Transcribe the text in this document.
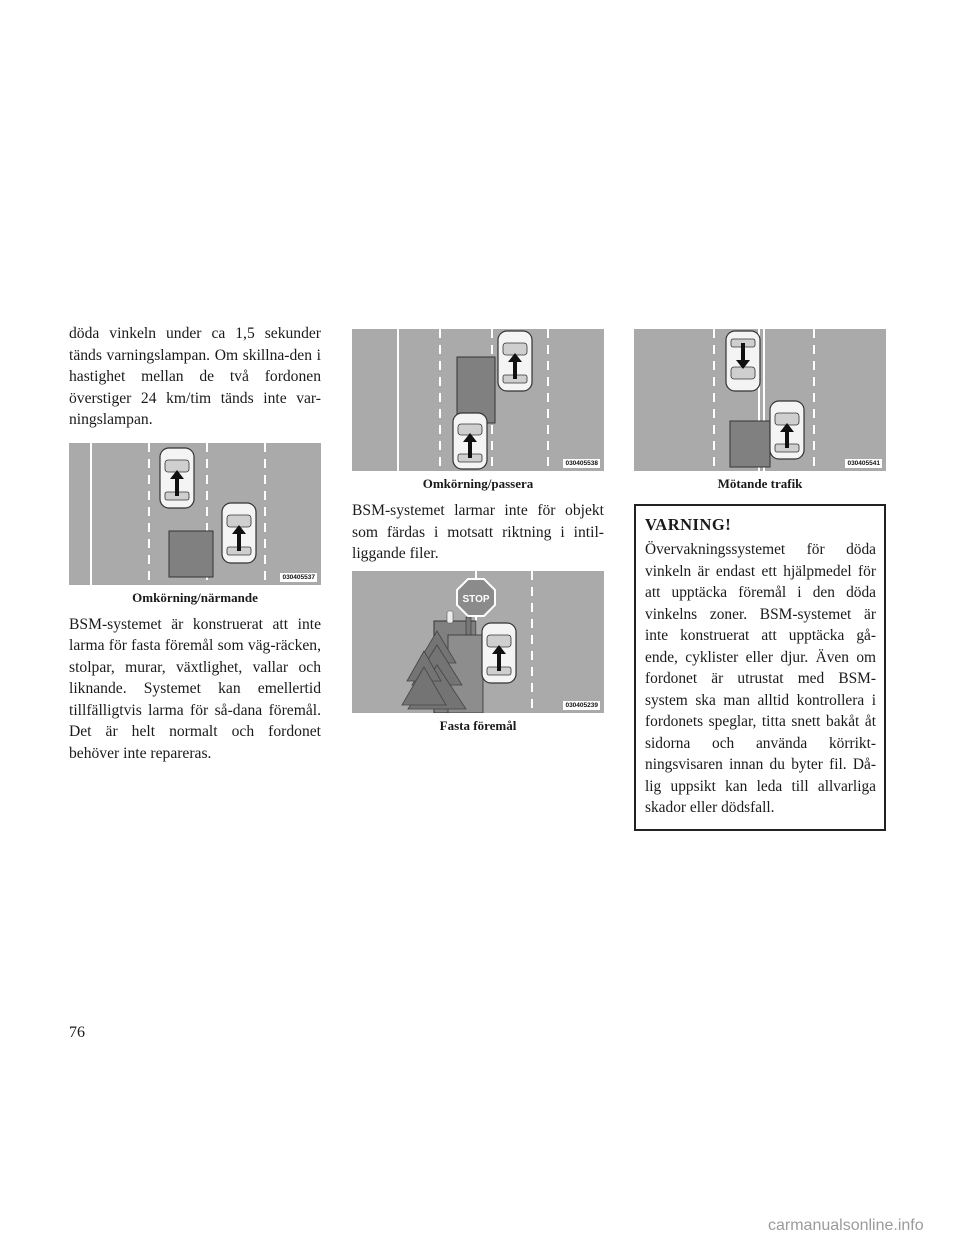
döda vinkeln under ca 1,5 sekunder tänds varningslampan. Om skillna-den i hastighet mellan de två fordonen överstiger 24 km/tim tänds inte var-ningslampan.

030405537

Omkörning/närmande

BSM-systemet är konstruerat att inte larma för fasta föremål som väg-räcken, stolpar, murar, växtlighet, vallar och liknande. Systemet kan emellertid tillfälligtvis larma för så-dana föremål. Det är helt normalt och fordonet behöver inte repareras.

030405538

Omkörning/passera

BSM-systemet larmar inte för objekt som färdas i motsatt riktning i intil-liggande filer.

STOP
030405239

Fasta föremål

030405541

Mötande trafik

VARNING!

Övervakningssystemet för döda vinkeln är endast ett hjälpmedel för att upptäcka föremål i den döda vinkelns zoner. BSM-systemet är inte konstruerat att upptäcka gå-ende, cyklister eller djur. Även om fordonet är utrustat med BSM-system ska man alltid kontrollera i fordonets speglar, titta snett bakåt åt sidorna och använda körrikt-ningsvisaren innan du byter fil. Då-lig uppsikt kan leda till allvarliga skador eller dödsfall.

76
carmanualsonline.info
